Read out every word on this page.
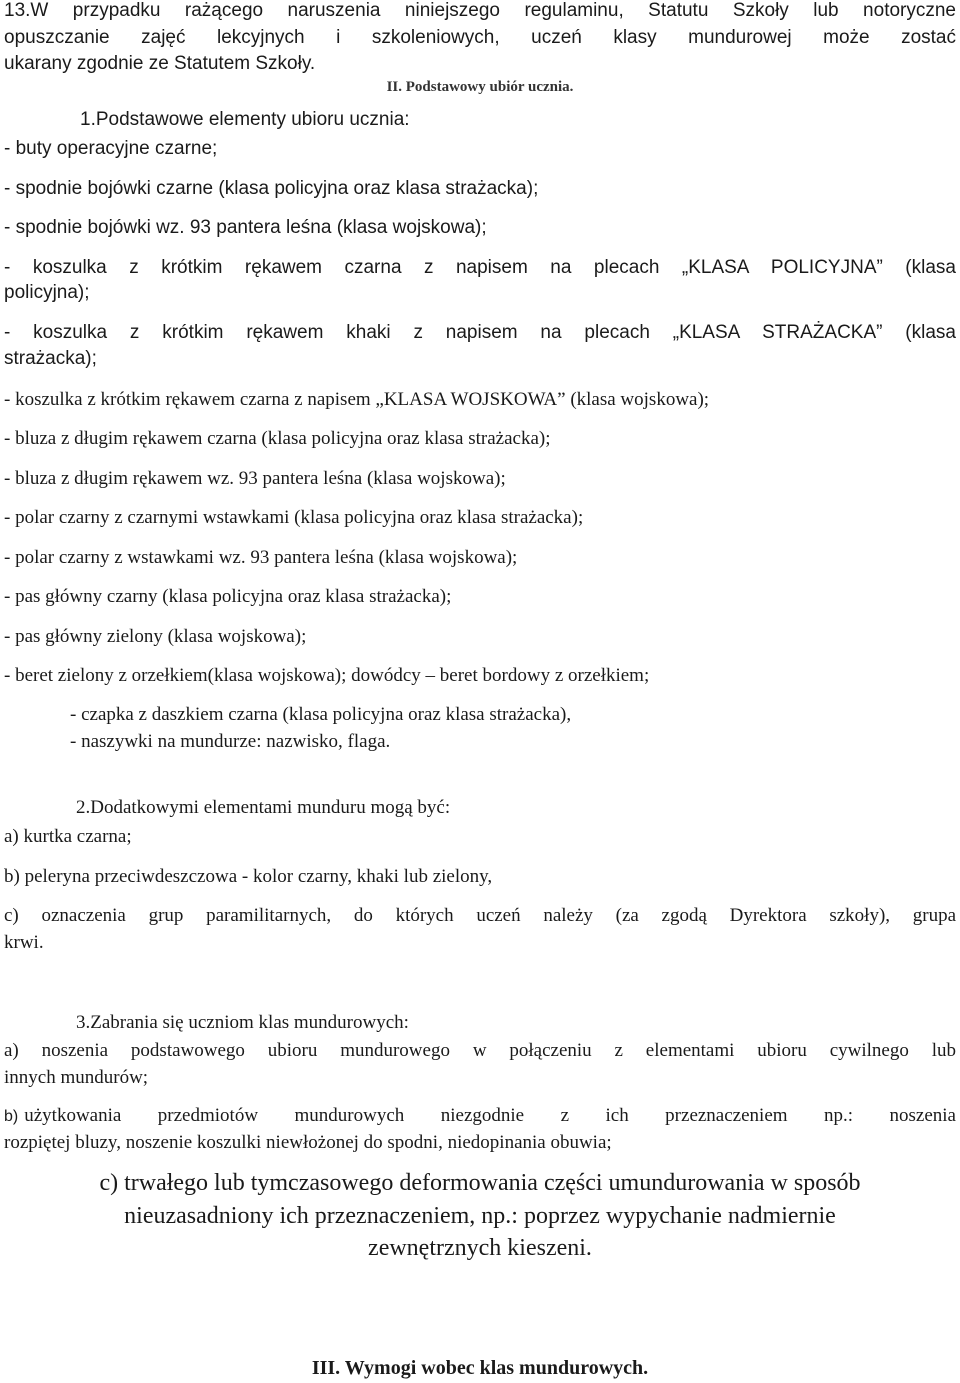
13.W przypadku rażącego naruszenia niniejszego regulaminu, Statutu Szkoły lub notoryczne
opuszczanie zajęć lekcyjnych i szkoleniowych, uczeń klasy mundurowej może zostać
ukarany zgodnie ze Statutem Szkoły.
II. Podstawowy ubiór ucznia.
1.Podstawowe elementy ubioru ucznia:
- buty operacyjne czarne;
- spodnie bojówki czarne (klasa policyjna oraz klasa strażacka);
- spodnie bojówki wz. 93 pantera leśna (klasa wojskowa);
- koszulka z krótkim rękawem czarna z napisem na plecach „KLASA POLICYJNA” (klasa
policyjna);
- koszulka z krótkim rękawem khaki z napisem na plecach „KLASA STRAŻACKA” (klasa
strażacka);
- koszulka z krótkim rękawem czarna z napisem „KLASA WOJSKOWA” (klasa wojskowa);
- bluza z długim rękawem czarna (klasa policyjna oraz klasa strażacka);
- bluza z długim rękawem wz. 93 pantera leśna (klasa wojskowa);
- polar czarny z czarnymi wstawkami (klasa policyjna oraz klasa strażacka);
- polar czarny z wstawkami wz. 93 pantera leśna (klasa wojskowa);
- pas główny czarny (klasa policyjna oraz klasa strażacka);
- pas główny zielony (klasa wojskowa);
- beret zielony z orzełkiem(klasa wojskowa); dowódcy – beret bordowy z orzełkiem;
- czapka z daszkiem czarna (klasa policyjna oraz klasa strażacka),
- naszywki na mundurze: nazwisko, flaga.
2.Dodatkowymi elementami munduru mogą być:
a) kurtka czarna;
b) peleryna przeciwdeszczowa - kolor czarny, khaki lub zielony,
c) oznaczenia grup paramilitarnych, do których uczeń należy (za zgodą Dyrektora szkoły), grupa
krwi.
3.Zabrania się uczniom klas mundurowych:
a) noszenia podstawowego ubioru mundurowego w połączeniu z elementami ubioru cywilnego lub
innych mundurów;
b) użytkowania przedmiotów mundurowych niezgodnie z ich przeznaczeniem np.: noszenia
rozpiętej bluzy, noszenie koszulki niewłożonej do spodni, niedopinania obuwia;
c) trwałego lub tymczasowego deformowania części umundurowania w sposób
nieuzasadniony ich przeznaczeniem, np.: poprzez wypychanie nadmiernie
zewnętrznych kieszeni.
III. Wymogi wobec klas mundurowych.
